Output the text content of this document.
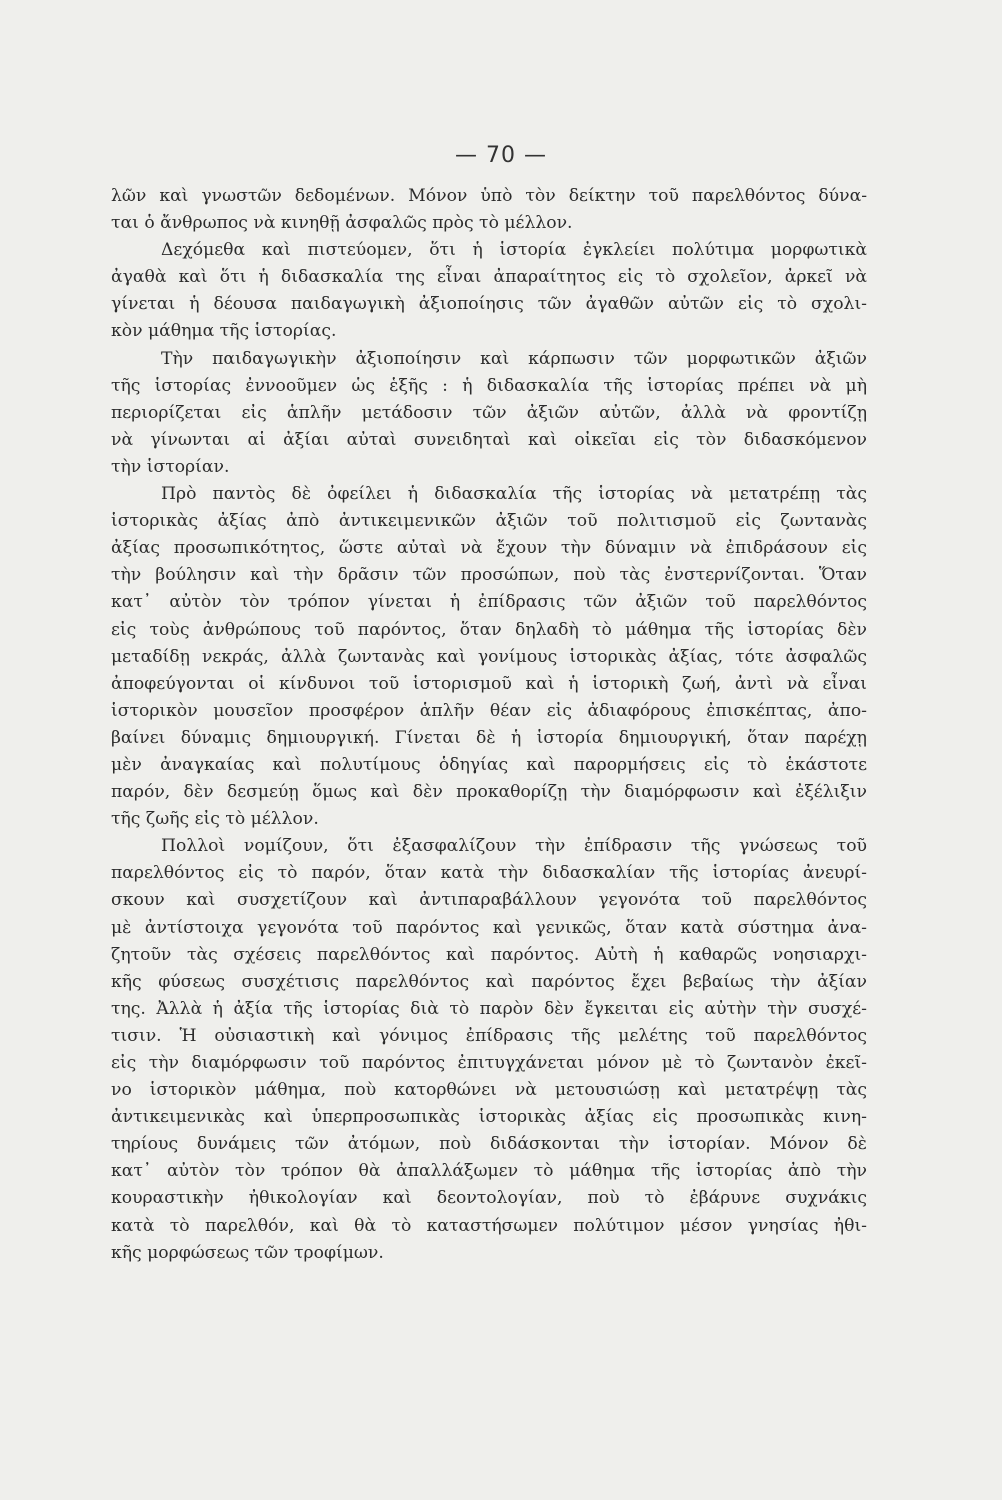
— 70 —
λῶν καὶ γνωστῶν δεδομένων. Μόνον ὑπὸ τὸν δείκτην τοῦ παρελθόντος δύνα-
ται ὁ ἄνθρωπος νὰ κινηθῇ ἀσφαλῶς πρὸς τὸ μέλλον.
Δεχόμεθα καὶ πιστεύομεν, ὅτι ἡ ἱστορία ἐγκλείει πολύτιμα μορφωτικὰ
ἀγαθὰ καὶ ὅτι ἡ διδασκαλία της εἶναι ἀπαραίτητος εἰς τὸ σχολεῖον, ἀρκεῖ νὰ
γίνεται ἡ δέουσα παιδαγωγικὴ ἀξιοποίησις τῶν ἀγαθῶν αὐτῶν εἰς τὸ σχολι-
κὸν μάθημα τῆς ἱστορίας.
Τὴν παιδαγωγικὴν ἀξιοποίησιν καὶ κάρπωσιν τῶν μορφωτικῶν ἀξιῶν
τῆς ἱστορίας ἐννοοῦμεν ὡς ἑξῆς : ἡ διδασκαλία τῆς ἱστορίας πρέπει νὰ μὴ
περιορίζεται εἰς ἁπλῆν μετάδοσιν τῶν ἀξιῶν αὐτῶν, ἀλλὰ νὰ φροντίζῃ
νὰ γίνωνται αἱ ἀξίαι αὐταὶ συνειδηταὶ καὶ οἰκεῖαι εἰς τὸν διδασκόμενον
τὴν ἱστορίαν.
Πρὸ παντὸς δὲ ὀφείλει ἡ διδασκαλία τῆς ἱστορίας νὰ μετατρέπῃ τὰς
ἱστορικὰς ἀξίας ἀπὸ ἀντικειμενικῶν ἀξιῶν τοῦ πολιτισμοῦ εἰς ζωντανὰς
ἀξίας προσωπικότητος, ὥστε αὐταὶ νὰ ἔχουν τὴν δύναμιν νὰ ἐπιδράσουν εἰς
τὴν βούλησιν καὶ τὴν δρᾶσιν τῶν προσώπων, ποὺ τὰς ἐνστερνίζονται. Ὅταν
κατ᾽ αὐτὸν τὸν τρόπον γίνεται ἡ ἐπίδρασις τῶν ἀξιῶν τοῦ παρελθόντος
εἰς τοὺς ἀνθρώπους τοῦ παρόντος, ὅταν δηλαδὴ τὸ μάθημα τῆς ἱστορίας δὲν
μεταδίδῃ νεκράς, ἀλλὰ ζωντανὰς καὶ γονίμους ἱστορικὰς ἀξίας, τότε ἀσφαλῶς
ἀποφεύγονται οἱ κίνδυνοι τοῦ ἱστορισμοῦ καὶ ἡ ἱστορικὴ ζωή, ἀντὶ νὰ εἶναι
ἱστορικὸν μουσεῖον προσφέρον ἁπλῆν θέαν εἰς ἀδιαφόρους ἐπισκέπτας, ἀπο-
βαίνει δύναμις δημιουργική. Γίνεται δὲ ἡ ἱστορία δημιουργική, ὅταν παρέχῃ
μὲν ἀναγκαίας καὶ πολυτίμους ὁδηγίας καὶ παρορμήσεις εἰς τὸ ἑκάστοτε
παρόν, δὲν δεσμεύῃ ὅμως καὶ δὲν προκαθορίζῃ τὴν διαμόρφωσιν καὶ ἐξέλιξιν
τῆς ζωῆς εἰς τὸ μέλλον.
Πολλοὶ νομίζουν, ὅτι ἐξασφαλίζουν τὴν ἐπίδρασιν τῆς γνώσεως τοῦ
παρελθόντος εἰς τὸ παρόν, ὅταν κατὰ τὴν διδασκαλίαν τῆς ἱστορίας ἀνευρί-
σκουν καὶ συσχετίζουν καὶ ἀντιπαραβάλλουν γεγονότα τοῦ παρελθόντος
μὲ ἀντίστοιχα γεγονότα τοῦ παρόντος καὶ γενικῶς, ὅταν κατὰ σύστημα ἀνα-
ζητοῦν τὰς σχέσεις παρελθόντος καὶ παρόντος. Αὐτὴ ἡ καθαρῶς νοησιαρχι-
κῆς φύσεως συσχέτισις παρελθόντος καὶ παρόντος ἔχει βεβαίως τὴν ἀξίαν
της. Ἀλλὰ ἡ ἀξία τῆς ἱστορίας διὰ τὸ παρὸν δὲν ἔγκειται εἰς αὐτὴν τὴν συσχέ-
τισιν. Ἡ οὐσιαστικὴ καὶ γόνιμος ἐπίδρασις τῆς μελέτης τοῦ παρελθόντος
εἰς τὴν διαμόρφωσιν τοῦ παρόντος ἐπιτυγχάνεται μόνον μὲ τὸ ζωντανὸν ἐκεῖ-
νο ἱστορικὸν μάθημα, ποὺ κατορθώνει νὰ μετουσιώσῃ καὶ μετατρέψῃ τὰς
ἀντικειμενικὰς καὶ ὑπερπροσωπικὰς ἱστορικὰς ἀξίας εἰς προσωπικὰς κινη-
τηρίους δυνάμεις τῶν ἀτόμων, ποὺ διδάσκονται τὴν ἱστορίαν. Μόνον δὲ
κατ᾽ αὐτὸν τὸν τρόπον θὰ ἀπαλλάξωμεν τὸ μάθημα τῆς ἱστορίας ἀπὸ τὴν
κουραστικὴν ἠθικολογίαν καὶ δεοντολογίαν, ποὺ τὸ ἐβάρυνε συχνάκις
κατὰ τὸ παρελθόν, καὶ θὰ τὸ καταστήσωμεν πολύτιμον μέσον γνησίας ἠθι-
κῆς μορφώσεως τῶν τροφίμων.
